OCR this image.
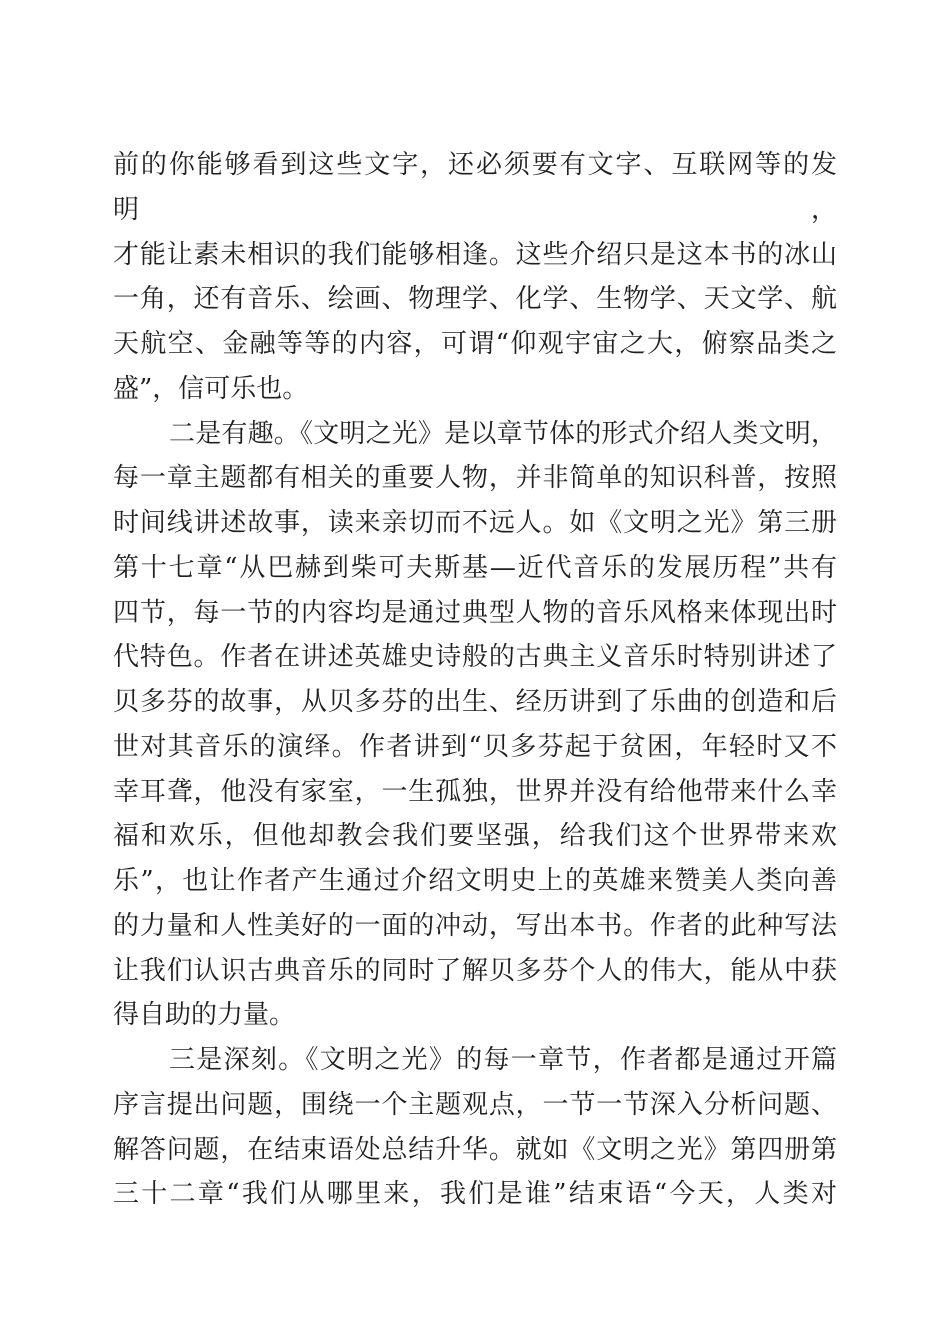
前的你能够看到这些文字，还必须要有文字、互联网等的发明，
才能让素未相识的我们能够相逢。这些介绍只是这本书的冰山
一角，还有音乐、绘画、物理学、化学、生物学、天文学、航
天航空、金融等等的内容，可谓“仰观宇宙之大，俯察品类之
盛”，信可乐也。
二是有趣。《文明之光》是以章节体的形式介绍人类文明，
每一章主题都有相关的重要人物，并非简单的知识科普，按照
时间线讲述故事，读来亲切而不远人。如《文明之光》第三册
第十七章“从巴赫到柴可夫斯基—近代音乐的发展历程”共有
四节，每一节的内容均是通过典型人物的音乐风格来体现出时
代特色。作者在讲述英雄史诗般的古典主义音乐时特别讲述了
贝多芬的故事，从贝多芬的出生、经历讲到了乐曲的创造和后
世对其音乐的演绎。作者讲到“贝多芬起于贫困，年轻时又不
幸耳聋，他没有家室，一生孤独，世界并没有给他带来什么幸
福和欢乐，但他却教会我们要坚强，给我们这个世界带来欢
乐”，也让作者产生通过介绍文明史上的英雄来赞美人类向善
的力量和人性美好的一面的冲动，写出本书。作者的此种写法
让我们认识古典音乐的同时了解贝多芬个人的伟大，能从中获
得自助的力量。
三是深刻。《文明之光》的每一章节，作者都是通过开篇
序言提出问题，围绕一个主题观点，一节一节深入分析问题、
解答问题，在结束语处总结升华。就如《文明之光》第四册第
三十二章“我们从哪里来，我们是谁”结束语“今天，人类对
